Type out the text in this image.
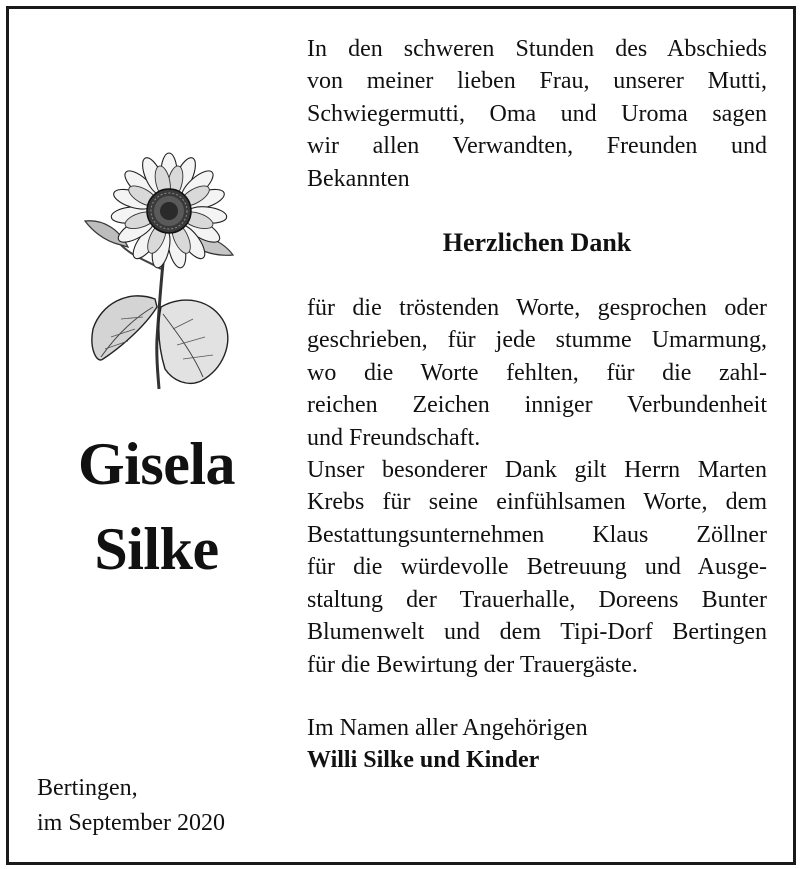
Gisela
Silke
Bertingen,
im September 2020
In den schweren Stunden des Abschieds
von meiner lieben Frau, unserer Mutti,
Schwiegermutti, Oma und Uroma sagen
wir allen Verwandten, Freunden und
Bekannten
Herzlichen Dank
für die tröstenden Worte, gesprochen oder
geschrieben, für jede stumme Umarmung,
wo die Worte fehlten, für die zahl-
reichen Zeichen inniger Verbundenheit
und Freundschaft.
Unser besonderer Dank gilt Herrn Marten
Krebs für seine einfühlsamen Worte, dem
Bestattungsunternehmen Klaus Zöllner
für die würdevolle Betreuung und Ausge-
staltung der Trauerhalle, Doreens Bunter
Blumenwelt und dem Tipi-Dorf Bertingen
für die Bewirtung der Trauergäste.
Im Namen aller Angehörigen
Willi Silke und Kinder
